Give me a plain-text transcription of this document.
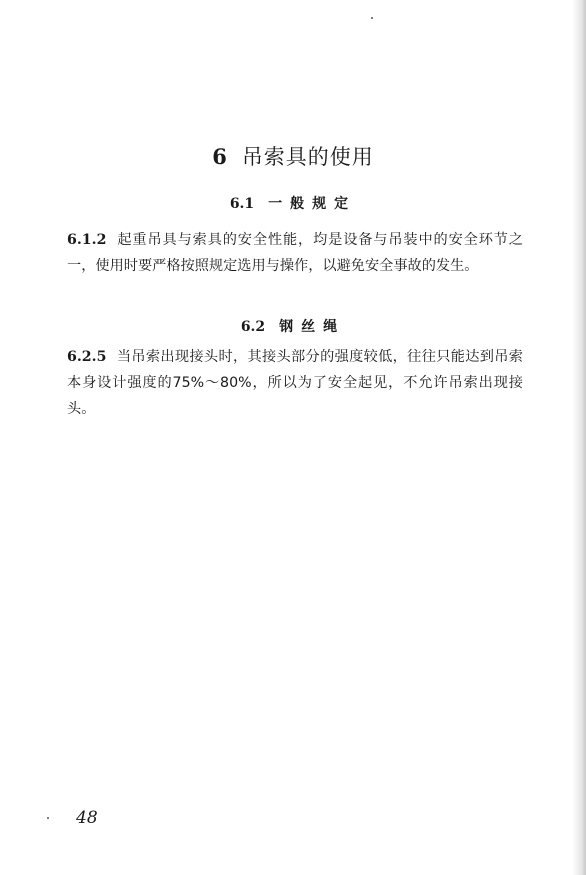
6 吊索具的使用
6.1 一般规定
6.1.2 起重吊具与索具的安全性能，均是设备与吊装中的安全环节之一，使用时要严格按照规定选用与操作，以避免安全事故的发生。
6.2 钢丝绳
6.2.5 当吊索出现接头时，其接头部分的强度较低，往往只能达到吊索本身设计强度的75%～80%，所以为了安全起见，不允许吊索出现接头。
48
